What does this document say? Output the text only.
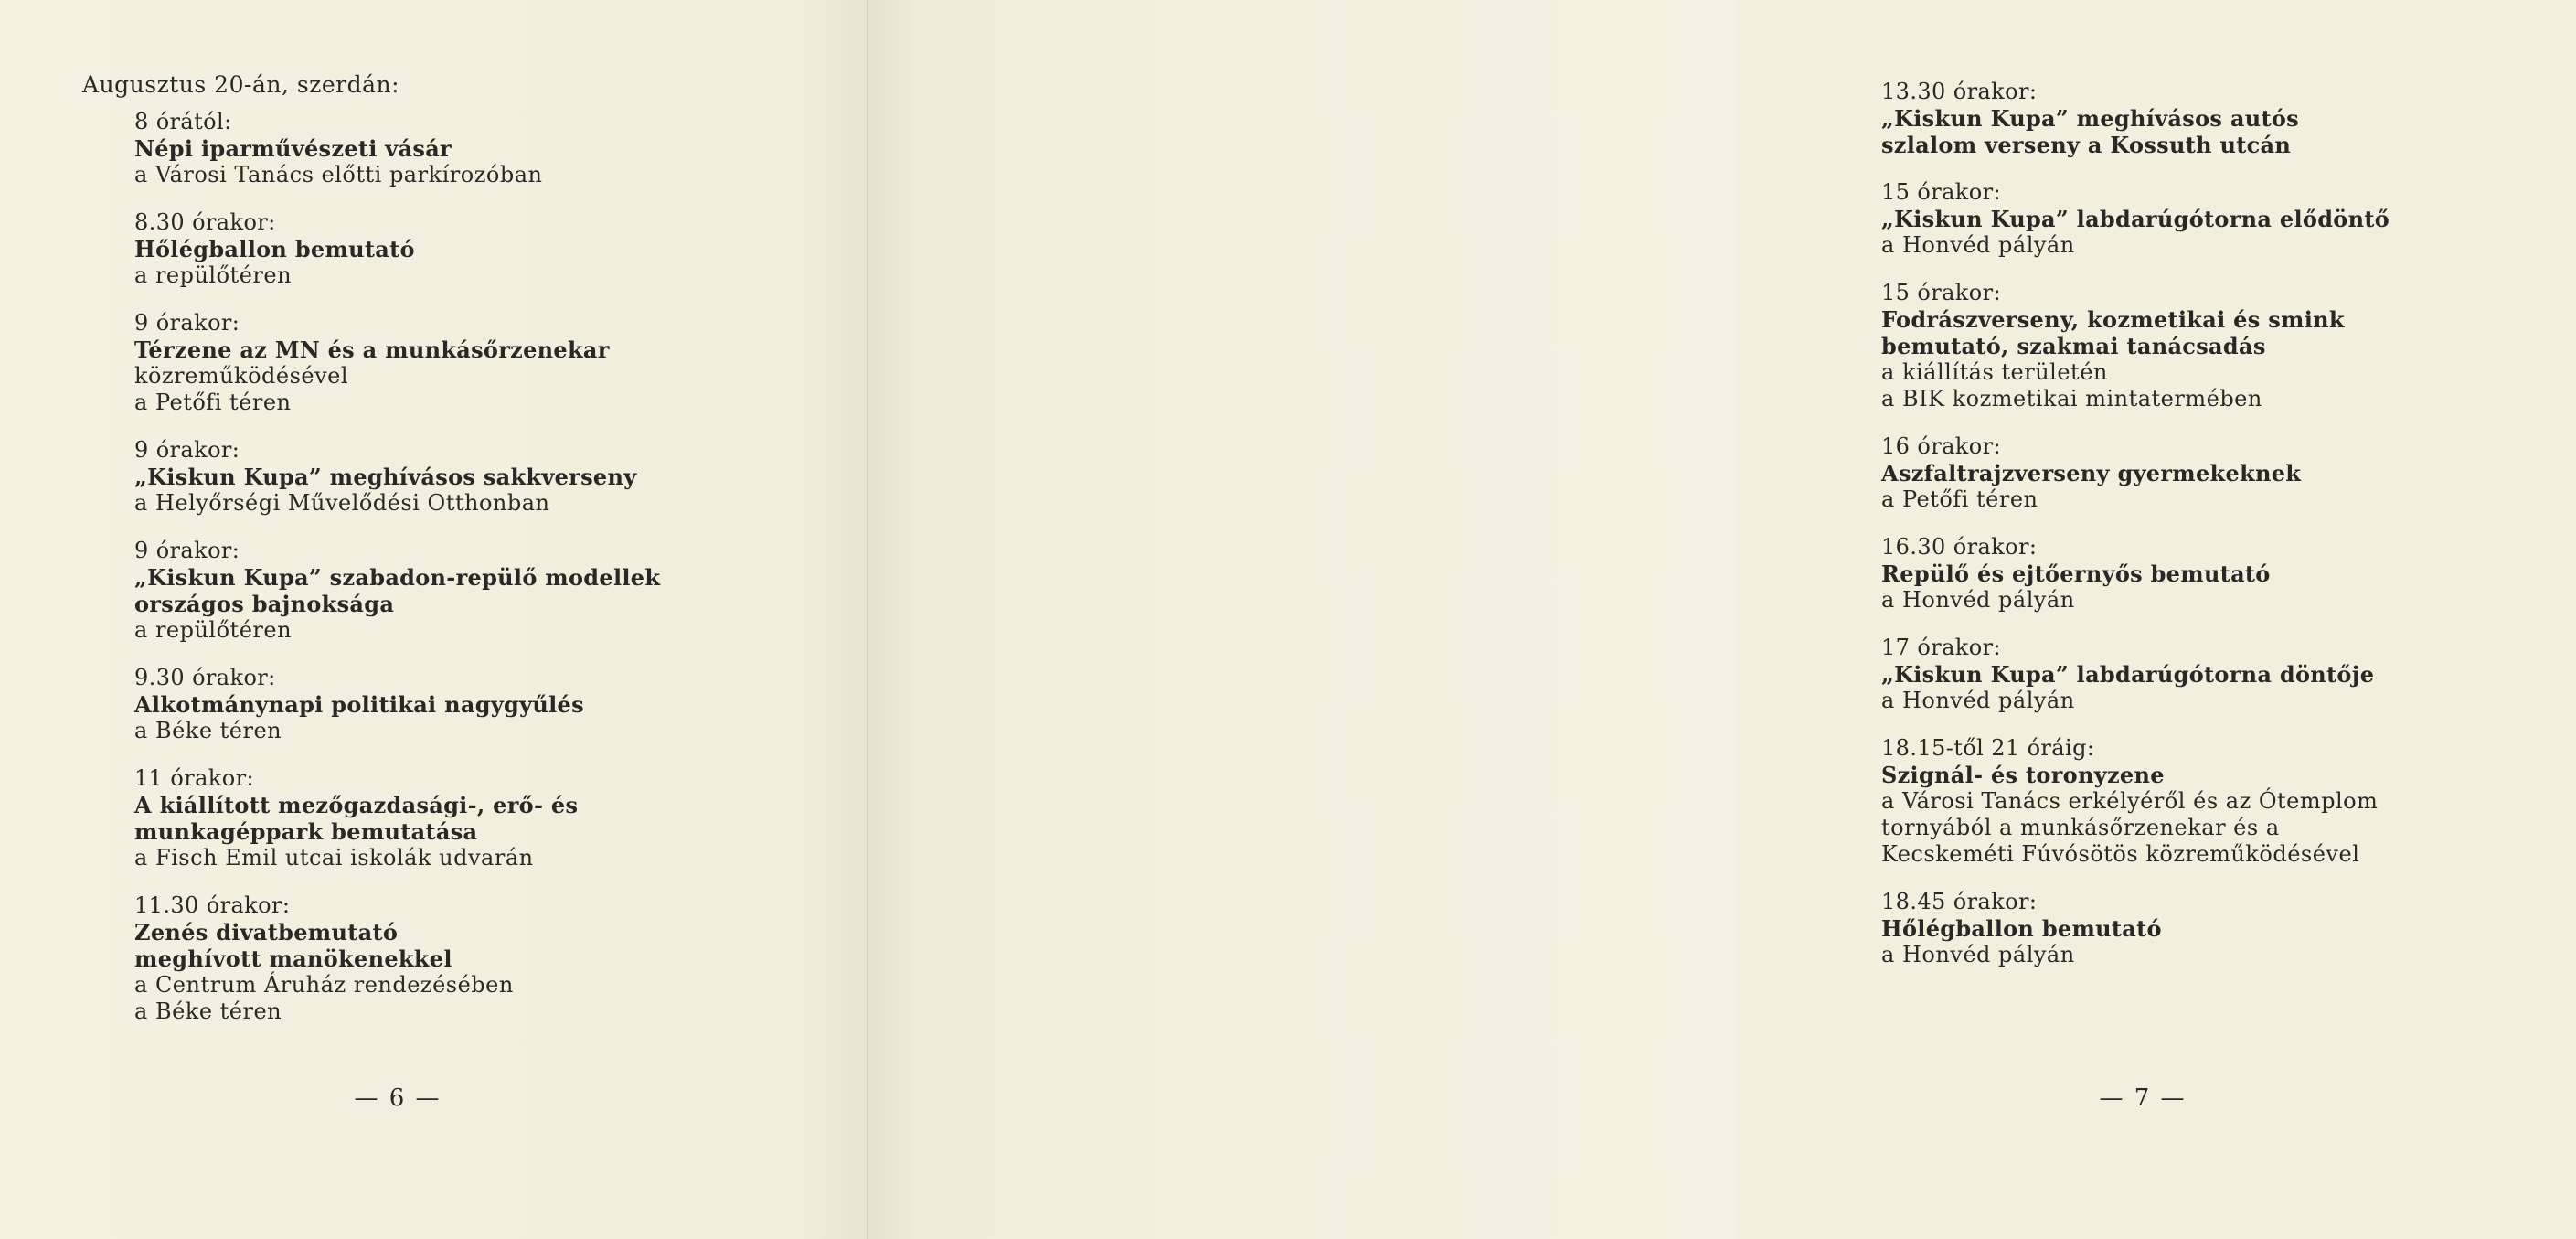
Augusztus 20-án, szerdán:
8 órától:
Népi iparművészeti vásár
a Városi Tanács előtti parkírozóban
8.30 órakor:
Hőlégballon bemutató
a repülőtéren
9 órakor:
Térzene az MN és a munkásőrzenekar
közreműködésével
a Petőfi téren
9 órakor:
„Kiskun Kupa” meghívásos sakkverseny
a Helyőrségi Művelődési Otthonban
9 órakor:
„Kiskun Kupa” szabadon-repülő modellek
országos bajnoksága
a repülőtéren
9.30 órakor:
Alkotmánynapi politikai nagygyűlés
a Béke téren
11 órakor:
A kiállított mezőgazdasági-, erő- és
munkagéppark bemutatása
a Fisch Emil utcai iskolák udvarán
11.30 órakor:
Zenés divatbemutató
meghívott manökenekkel
a Centrum Áruház rendezésében
a Béke téren
— 6 —
13.30 órakor:
„Kiskun Kupa” meghívásos autós
szlalom verseny a Kossuth utcán
15 órakor:
„Kiskun Kupa” labdarúgótorna elődöntő
a Honvéd pályán
15 órakor:
Fodrászverseny, kozmetikai és smink
bemutató, szakmai tanácsadás
a kiállítás területén
a BIK kozmetikai mintatermében
16 órakor:
Aszfaltrajzverseny gyermekeknek
a Petőfi téren
16.30 órakor:
Repülő és ejtőernyős bemutató
a Honvéd pályán
17 órakor:
„Kiskun Kupa” labdarúgótorna döntője
a Honvéd pályán
18.15-től 21 óráig:
Szignál- és toronyzene
a Városi Tanács erkélyéről és az Ótemplom
tornyából a munkásőrzenekar és a
Kecskeméti Fúvósötös közreműködésével
18.45 órakor:
Hőlégballon bemutató
a Honvéd pályán
— 7 —
